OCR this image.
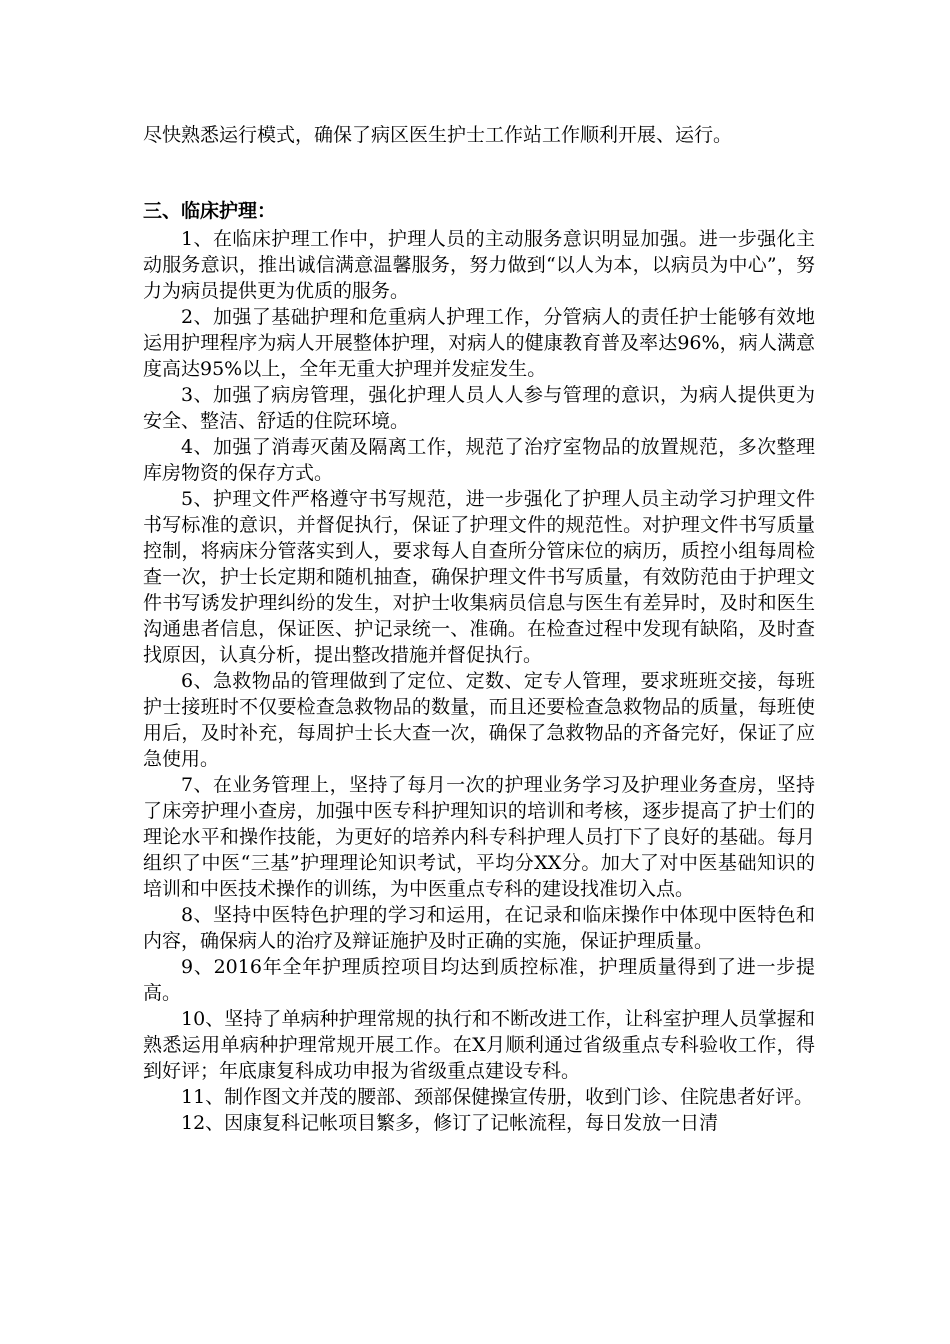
尽快熟悉运行模式，确保了病区医生护士工作站工作顺利开展、运行。

三、临床护理：

1、在临床护理工作中，护理人员的主动服务意识明显加强。进一步强化主动服务意识，推出诚信满意温馨服务，努力做到“以人为本，以病员为中心”，努力为病员提供更为优质的服务。

2、加强了基础护理和危重病人护理工作，分管病人的责任护士能够有效地运用护理程序为病人开展整体护理，对病人的健康教育普及率达96%，病人满意度高达95%以上，全年无重大护理并发症发生。

3、加强了病房管理，强化护理人员人人参与管理的意识，为病人提供更为安全、整洁、舒适的住院环境。

4、加强了消毒灭菌及隔离工作，规范了治疗室物品的放置规范，多次整理库房物资的保存方式。

5、护理文件严格遵守书写规范，进一步强化了护理人员主动学习护理文件书写标准的意识，并督促执行，保证了护理文件的规范性。对护理文件书写质量控制，将病床分管落实到人，要求每人自查所分管床位的病历，质控小组每周检查一次，护士长定期和随机抽查，确保护理文件书写质量，有效防范由于护理文件书写诱发护理纠纷的发生，对护士收集病员信息与医生有差异时，及时和医生沟通患者信息，保证医、护记录统一、准确。在检查过程中发现有缺陷，及时查找原因，认真分析，提出整改措施并督促执行。

6、急救物品的管理做到了定位、定数、定专人管理，要求班班交接，每班护士接班时不仅要检查急救物品的数量，而且还要检查急救物品的质量，每班使用后，及时补充，每周护士长大查一次，确保了急救物品的齐备完好，保证了应急使用。

7、在业务管理上，坚持了每月一次的护理业务学习及护理业务查房，坚持了床旁护理小查房，加强中医专科护理知识的培训和考核，逐步提高了护士们的理论水平和操作技能，为更好的培养内科专科护理人员打下了良好的基础。每月组织了中医“三基”护理理论知识考试，平均分XX分。加大了对中医基础知识的培训和中医技术操作的训练，为中医重点专科的建设找准切入点。

8、坚持中医特色护理的学习和运用，在记录和临床操作中体现中医特色和内容，确保病人的治疗及辩证施护及时正确的实施，保证护理质量。

9、2016年全年护理质控项目均达到质控标准，护理质量得到了进一步提高。

10、坚持了单病种护理常规的执行和不断改进工作，让科室护理人员掌握和熟悉运用单病种护理常规开展工作。在X月顺利通过省级重点专科验收工作，得到好评；年底康复科成功申报为省级重点建设专科。

11、制作图文并茂的腰部、颈部保健操宣传册，收到门诊、住院患者好评。

12、因康复科记帐项目繁多，修订了记帐流程，每日发放一日清
